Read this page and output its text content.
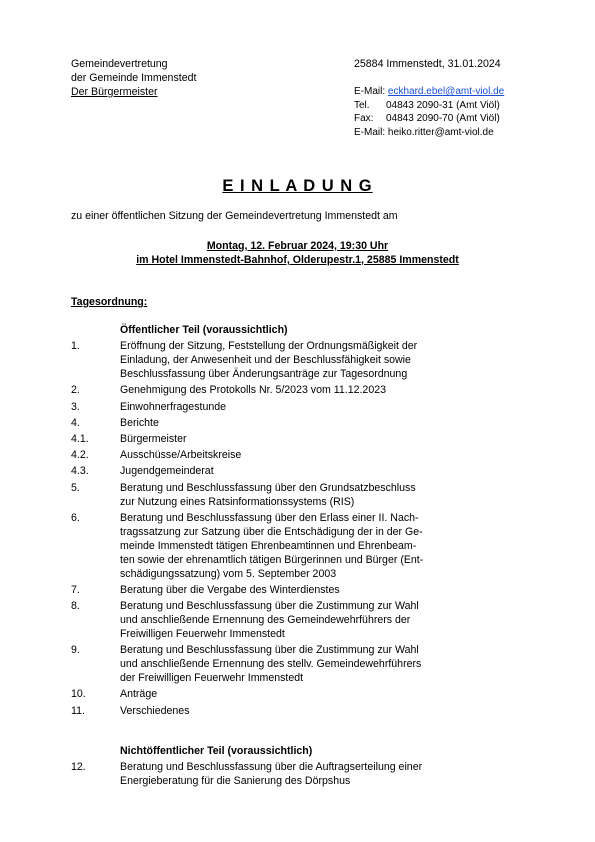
Gemeindevertretung
der Gemeinde Immenstedt
Der Bürgermeister
25884 Immenstedt, 31.01.2024
E-Mail: eckhard.ebel@amt-viol.de
Tel. 04843 2090-31 (Amt Viöl)
Fax: 04843 2090-70 (Amt Viöl)
E-Mail: heiko.ritter@amt-viol.de
E I N L A D U N G
zu einer öffentlichen Sitzung der Gemeindevertretung Immenstedt am
Montag, 12. Februar 2024, 19:30 Uhr
im Hotel Immenstedt-Bahnhof, Olderupestr.1, 25885 Immenstedt
Tagesordnung:
Öffentlicher Teil (voraussichtlich)
1.	Eröffnung der Sitzung, Feststellung der Ordnungsmäßigkeit der
Einladung, der Anwesenheit und der Beschlussfähigkeit sowie
Beschlussfassung über Änderungsanträge zur Tagesordnung
2.	Genehmigung des Protokolls Nr. 5/2023 vom 11.12.2023
3.	Einwohnerfragestunde
4.	Berichte
4.1.	Bürgermeister
4.2.	Ausschüsse/Arbeitskreise
4.3.	Jugendgemeinderat
5.	Beratung und Beschlussfassung über den Grundsatzbeschluss
zur Nutzung eines Ratsinformationssystems (RIS)
6.	Beratung und Beschlussfassung über den Erlass einer II. Nach-
tragssatzung zur Satzung über die Entschädigung der in der Ge-
meinde Immenstedt tätigen Ehrenbeamtinnen und Ehrenbeam-
ten sowie der ehrenamtlich tätigen Bürgerinnen und Bürger (Ent-
schädigungssatzung) vom 5. September 2003
7.	Beratung über die Vergabe des Winterdienstes
8.	Beratung und Beschlussfassung über die Zustimmung zur Wahl
und anschließende Ernennung des Gemeindewehrführers der
Freiwilligen Feuerwehr Immenstedt
9.	Beratung und Beschlussfassung über die Zustimmung zur Wahl
und anschließende Ernennung des stellv. Gemeindewehrführers
der Freiwilligen Feuerwehr Immenstedt
10.	Anträge
11.	Verschiedenes
Nichtöffentlicher Teil (voraussichtlich)
12.	Beratung und Beschlussfassung über die Auftragserteilung einer
Energieberatung für die Sanierung des Dörpshus
